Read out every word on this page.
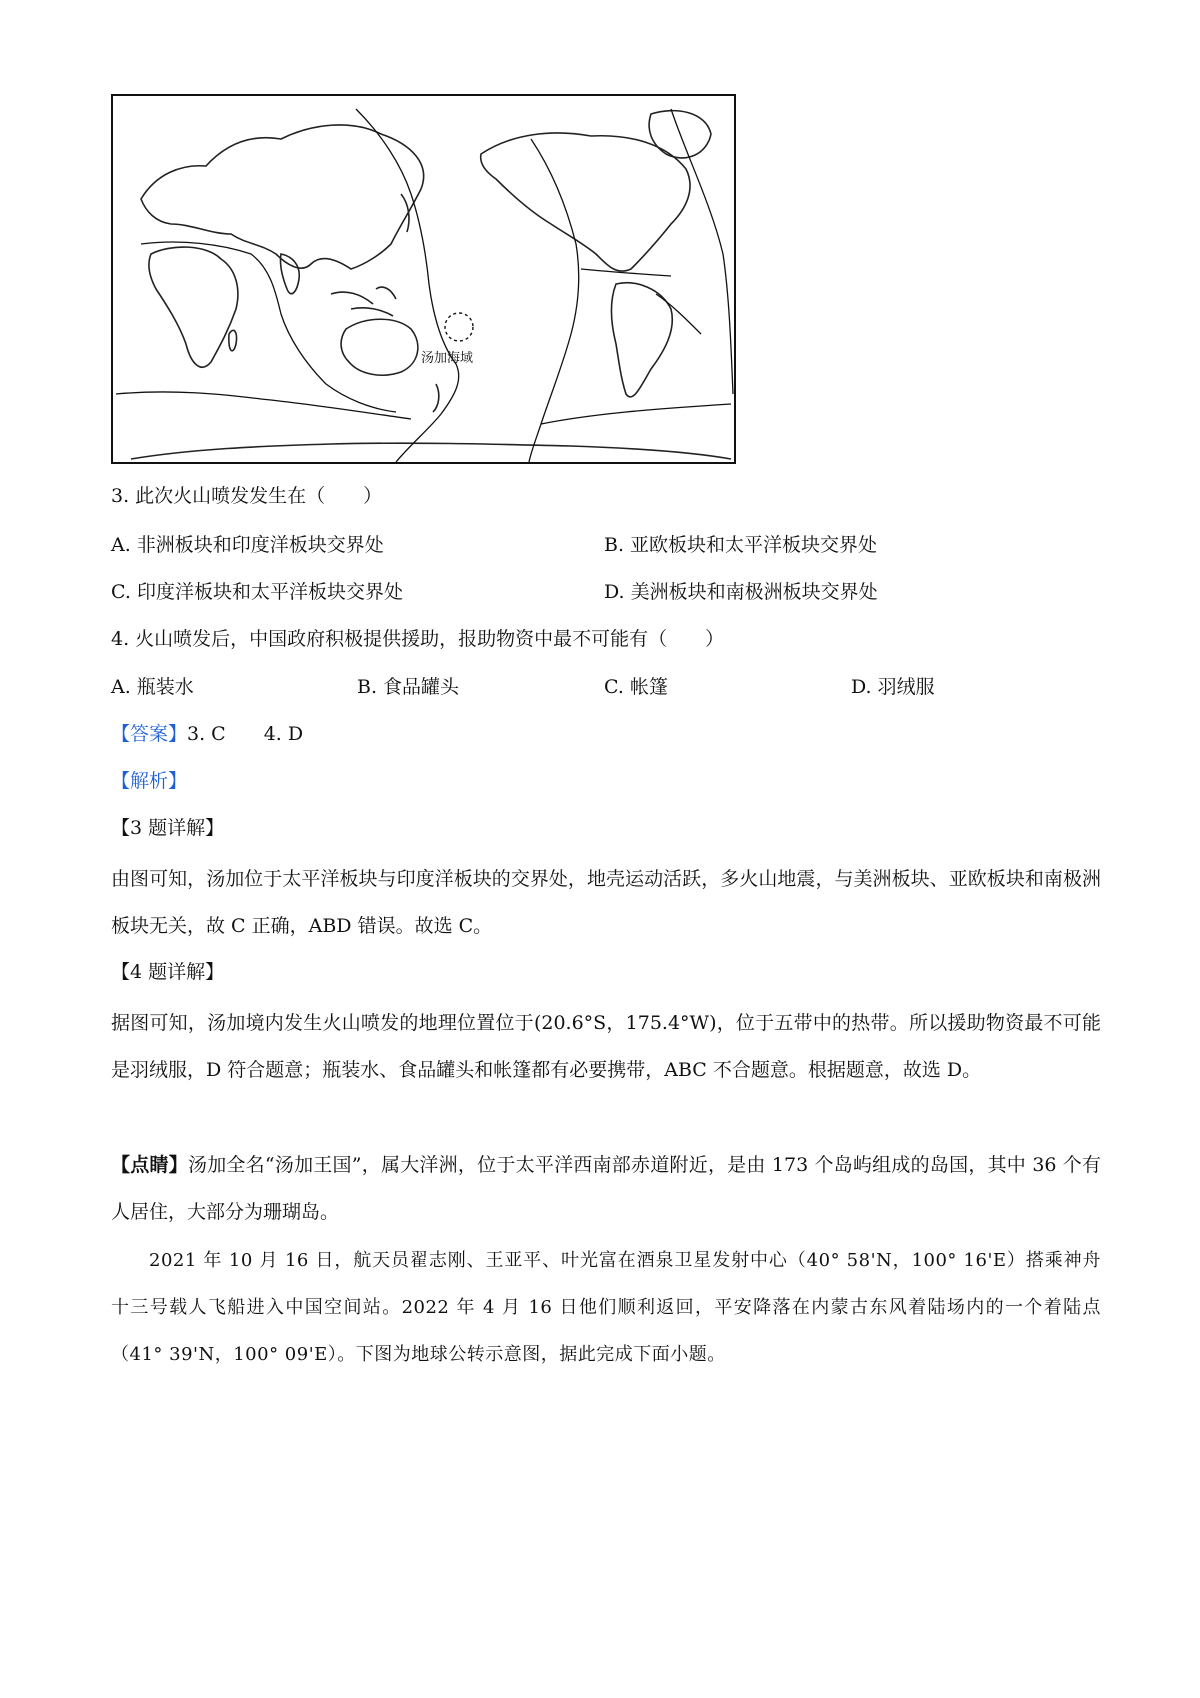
汤加海域
3. 此次火山喷发发生在（　　）
A. 非洲板块和印度洋板块交界处	B. 亚欧板块和太平洋板块交界处
C. 印度洋板块和太平洋板块交界处	D. 美洲板块和南极洲板块交界处
4. 火山喷发后，中国政府积极提供援助，报助物资中最不可能有（　　）
A. 瓶装水	B. 食品罐头	C. 帐篷	D. 羽绒服
【答案】3. C　　4. D
【解析】
【3 题详解】
由图可知，汤加位于太平洋板块与印度洋板块的交界处，地壳运动活跃，多火山地震，与美洲板块、亚欧板块和南极洲板块无关，故 C 正确，ABD 错误。故选 C。
【4 题详解】
据图可知，汤加境内发生火山喷发的地理位置位于(20.6°S，175.4°W)，位于五带中的热带。所以援助物资最不可能是羽绒服，D 符合题意；瓶装水、食品罐头和帐篷都有必要携带，ABC 不合题意。根据题意，故选 D。
【点睛】汤加全名“汤加王国”，属大洋洲，位于太平洋西南部赤道附近，是由 173 个岛屿组成的岛国，其中 36 个有人居住，大部分为珊瑚岛。
2021 年 10 月 16 日，航天员翟志刚、王亚平、叶光富在酒泉卫星发射中心（40° 58'N，100° 16'E）搭乘神舟十三号载人飞船进入中国空间站。2022 年 4 月 16 日他们顺利返回，平安降落在内蒙古东风着陆场内的一个着陆点（41° 39'N，100° 09'E）。下图为地球公转示意图，据此完成下面小题。
